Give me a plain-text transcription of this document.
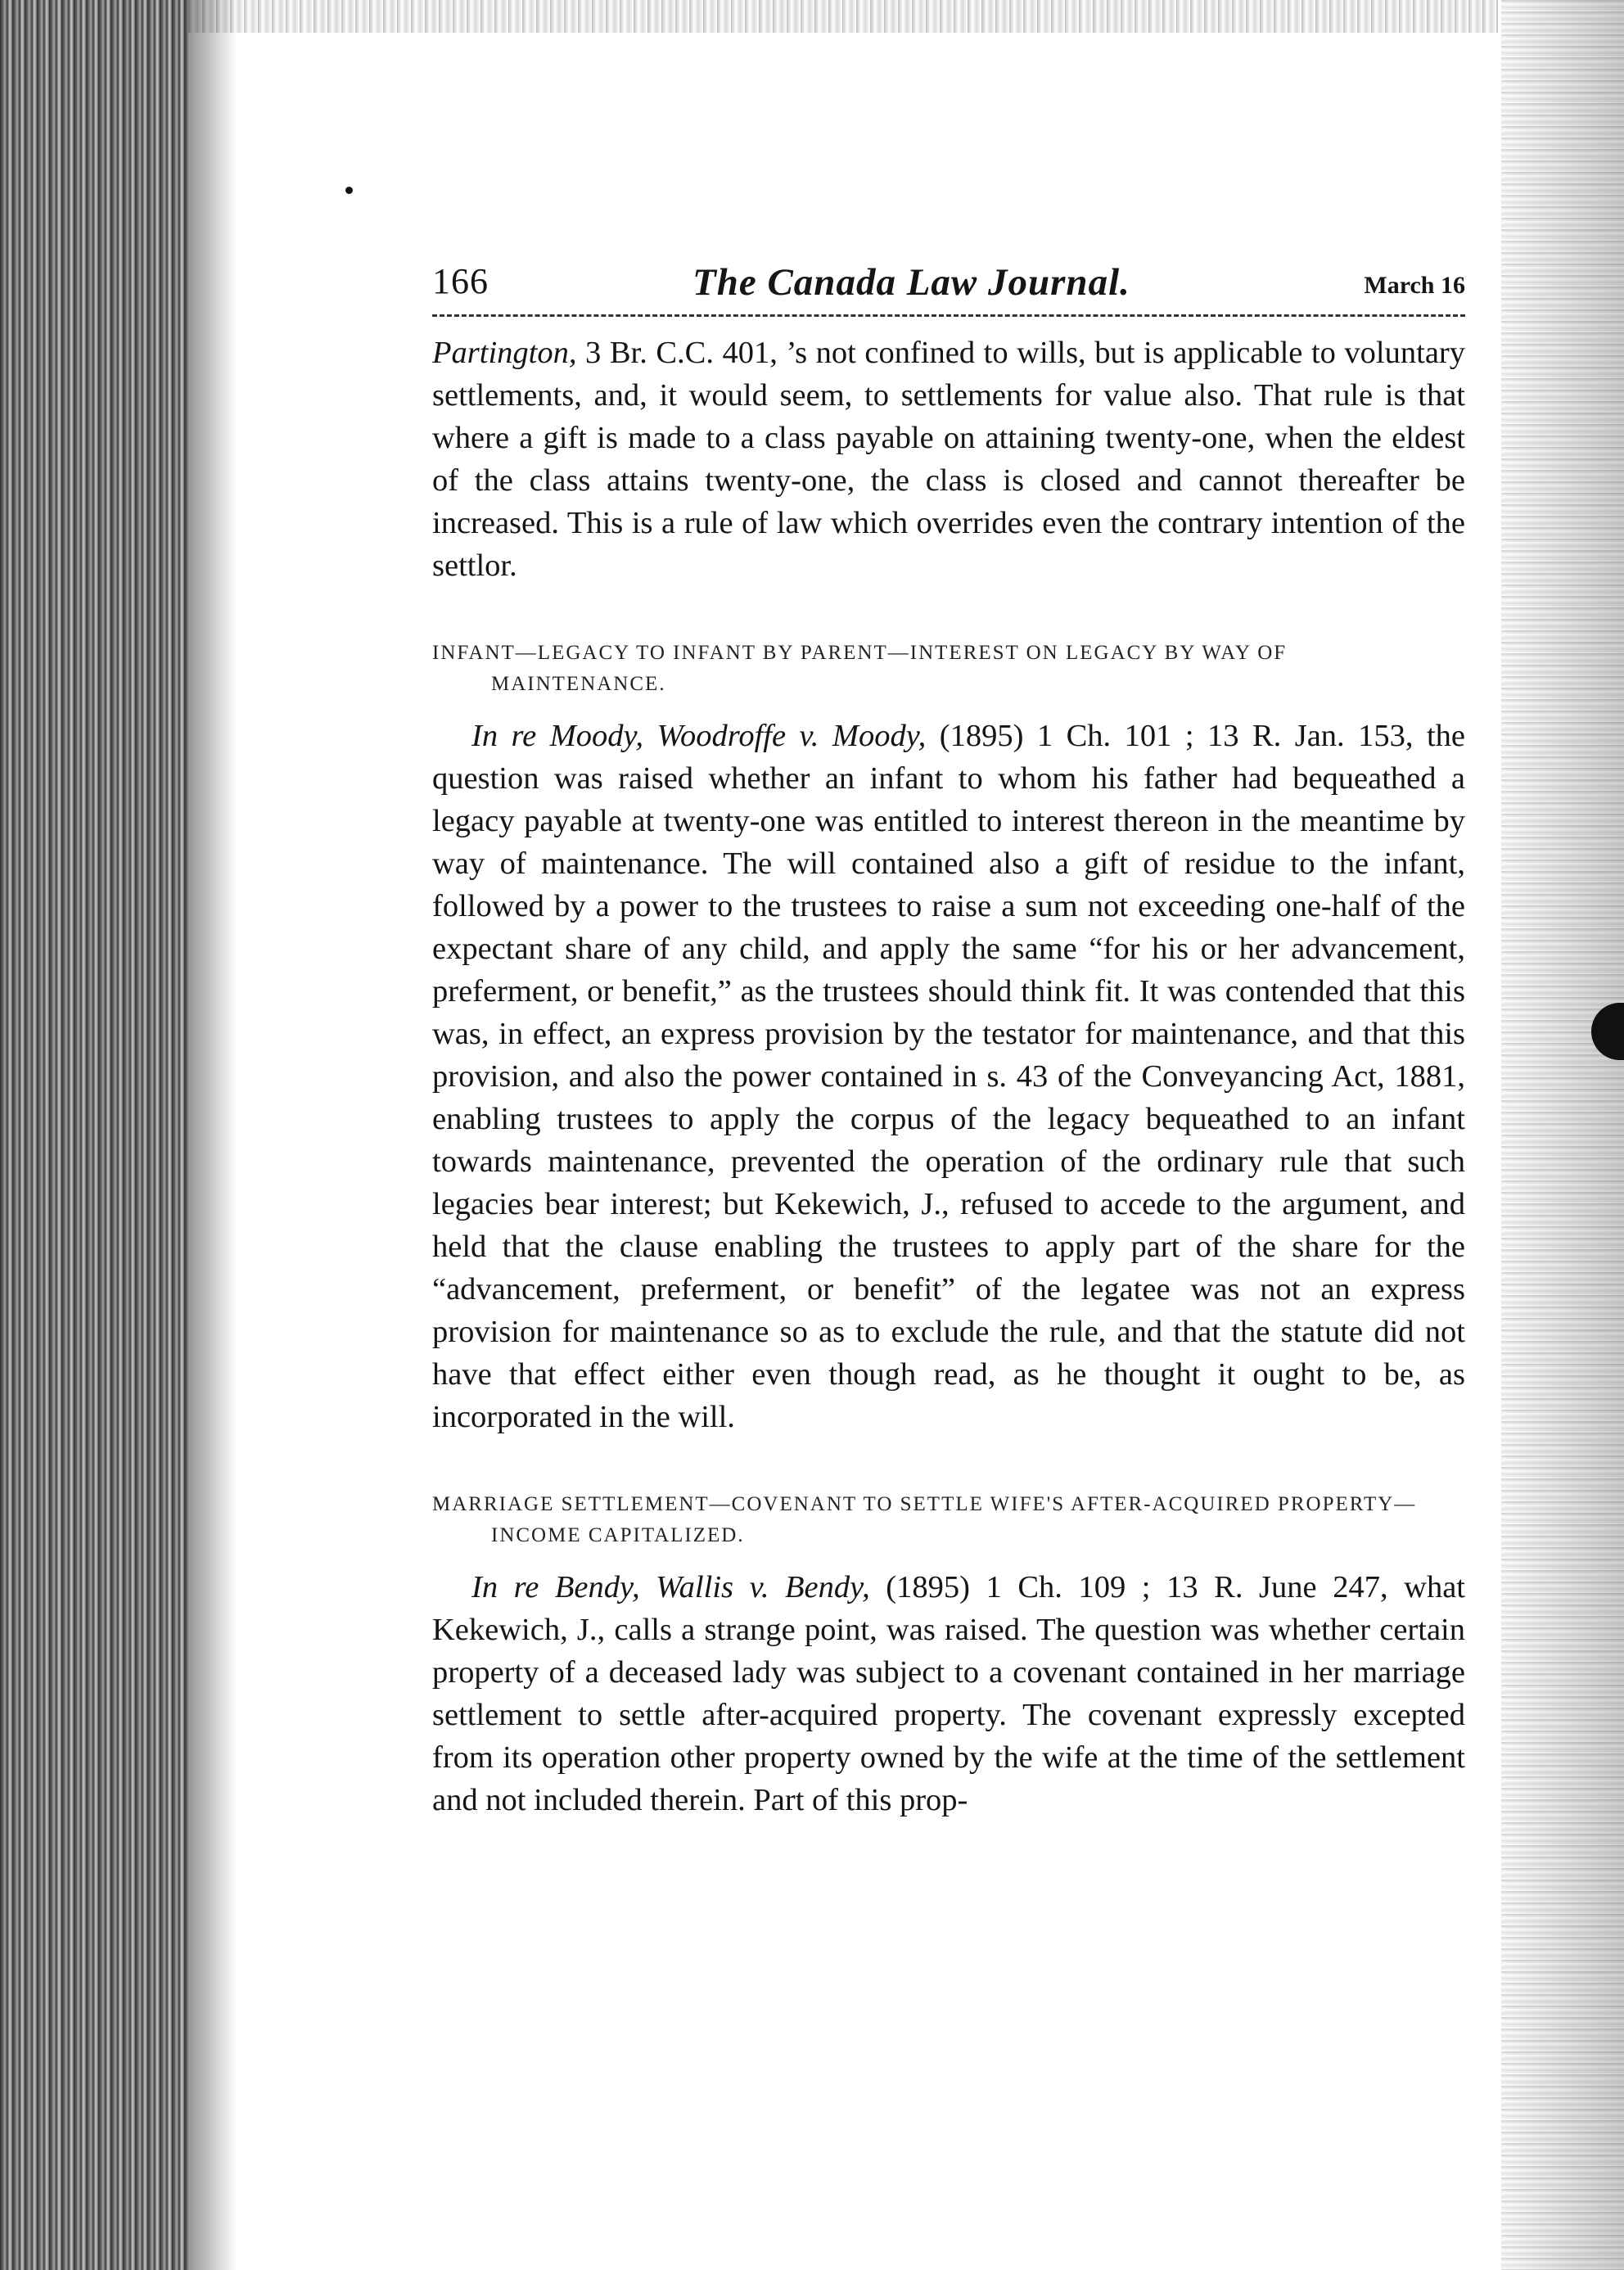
166	The Canada Law Journal.	March 16

Partington, 3 Br. C.C. 401, ’s not confined to wills, but is applicable to voluntary settlements, and, it would seem, to settlements for value also. That rule is that where a gift is made to a class payable on attaining twenty-one, when the eldest of the class attains twenty-one, the class is closed and cannot thereafter be increased. This is a rule of law which overrides even the contrary intention of the settlor.

INFANT—LEGACY TO INFANT BY PARENT—INTEREST ON LEGACY BY WAY OF MAINTENANCE.

In re Moody, Woodroffe v. Moody, (1895) 1 Ch. 101 ; 13 R. Jan. 153, the question was raised whether an infant to whom his father had bequeathed a legacy payable at twenty-one was entitled to interest thereon in the meantime by way of maintenance. The will contained also a gift of residue to the infant, followed by a power to the trustees to raise a sum not exceeding one-half of the expectant share of any child, and apply the same “for his or her advancement, preferment, or benefit,” as the trustees should think fit. It was contended that this was, in effect, an express provision by the testator for maintenance, and that this provision, and also the power contained in s. 43 of the Conveyancing Act, 1881, enabling trustees to apply the corpus of the legacy bequeathed to an infant towards maintenance, prevented the operation of the ordinary rule that such legacies bear interest; but Kekewich, J., refused to accede to the argument, and held that the clause enabling the trustees to apply part of the share for the “advancement, preferment, or benefit” of the legatee was not an express provision for maintenance so as to exclude the rule, and that the statute did not have that effect either even though read, as he thought it ought to be, as incorporated in the will.

MARRIAGE SETTLEMENT—COVENANT TO SETTLE WIFE'S AFTER-ACQUIRED PROPERTY—INCOME CAPITALIZED.

In re Bendy, Wallis v. Bendy, (1895) 1 Ch. 109 ; 13 R. June 247, what Kekewich, J., calls a strange point, was raised. The question was whether certain property of a deceased lady was subject to a covenant contained in her marriage settlement to settle after-acquired property. The covenant expressly excepted from its operation other property owned by the wife at the time of the settlement and not included therein. Part of this prop-
